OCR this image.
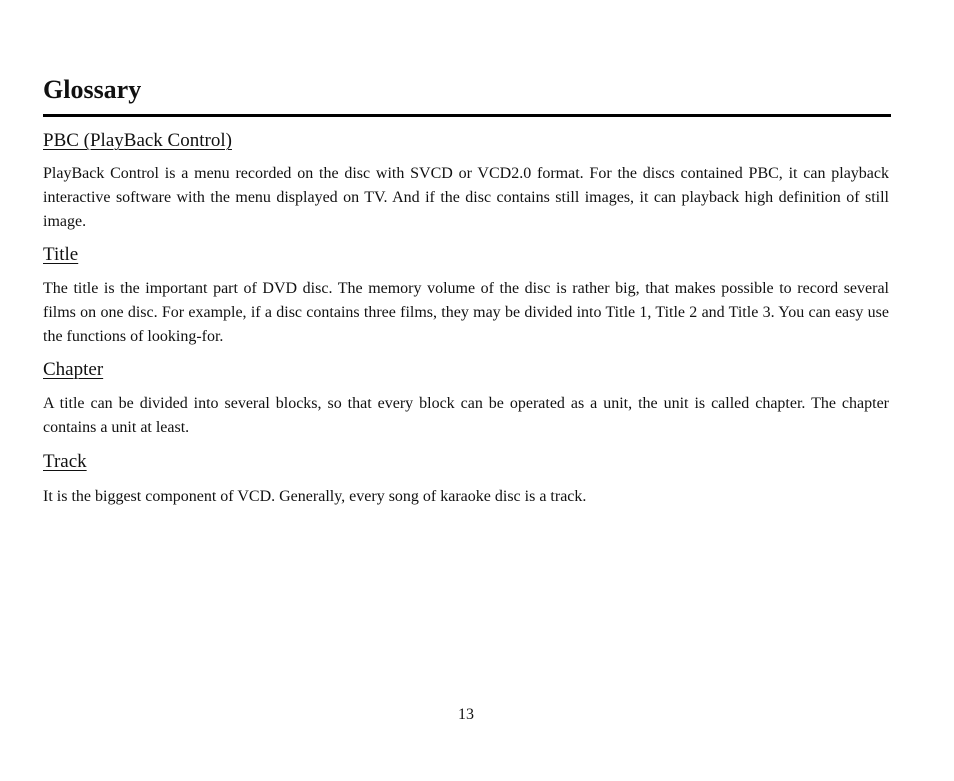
Glossary
PBC (PlayBack Control)

PlayBack Control is a menu recorded on the disc with SVCD or VCD2.0 format. For the discs contained PBC, it can playback interactive software with the menu displayed on TV. And if the disc contains still images, it can playback high definition of still image.

Title

The title is the important part of DVD disc. The memory volume of the disc is rather big, that makes possible to record several films on one disc. For example, if a disc contains three films, they may be divided into Title 1, Title 2 and Title 3. You can easy use the functions of looking-for.

Chapter

A title can be divided into several blocks, so that every block can be operated as a unit, the unit is called chapter. The chapter contains a unit at least.

Track

It is the biggest component of VCD. Generally, every song of karaoke disc is a track.

13
